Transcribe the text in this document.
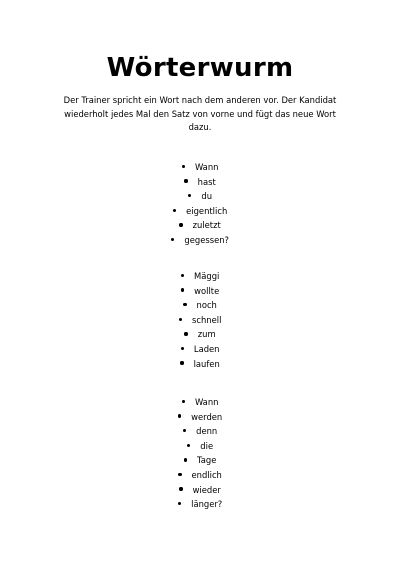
Wörterwurm
Der Trainer spricht ein Wort nach dem anderen vor. Der Kandidat
wiederholt jedes Mal den Satz von vorne und fügt das neue Wort
dazu.
Wann
hast
du
eigentlich
zuletzt
gegessen?
Mäggi
wollte
noch
schnell
zum
Laden
laufen
Wann
werden
denn
die
Tage
endlich
wieder
länger?
